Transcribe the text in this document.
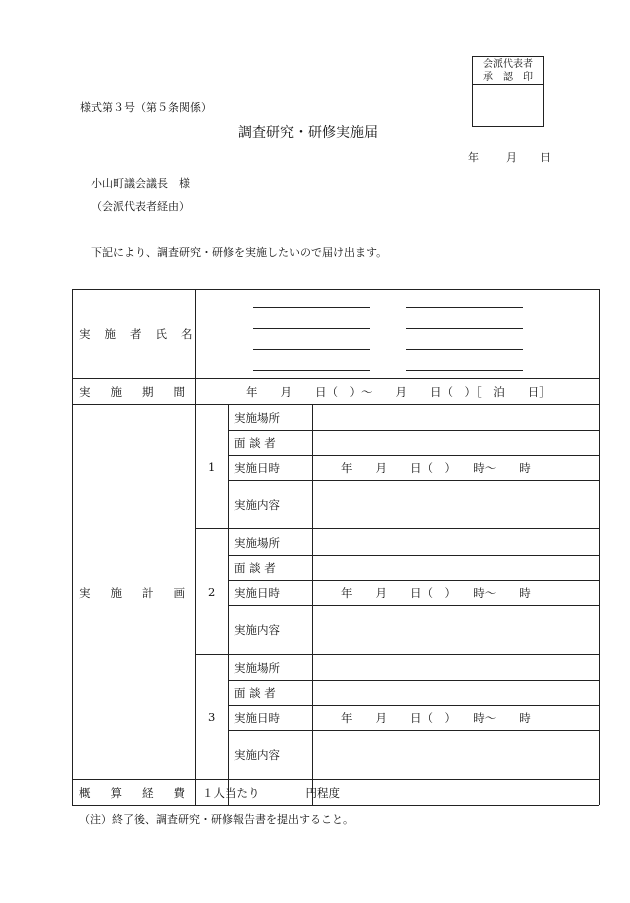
会派代表者
承　認　印
様式第３号（第５条関係）
調査研究・研修実施届
年 月 日
小山町議会議長　様
（会派代表者経由）
下記により、調査研究・研修を実施したいので届け出ます。
実施者氏名
実施期間
実施計画
概算経費
年　　月　　日（　）～　　月　　日（　）［　泊　　日］
1
2
3
実施場所
面 談 者
実施日時
実施内容
年　　月　　日（　）　　時～　　時
実施場所
面 談 者
実施日時
実施内容
年　　月　　日（　）　　時～　　時
実施場所
面 談 者
実施日時
実施内容
年　　月　　日（　）　　時～　　時
１人当たり　　　　円程度
（注）終了後、調査研究・研修報告書を提出すること。
